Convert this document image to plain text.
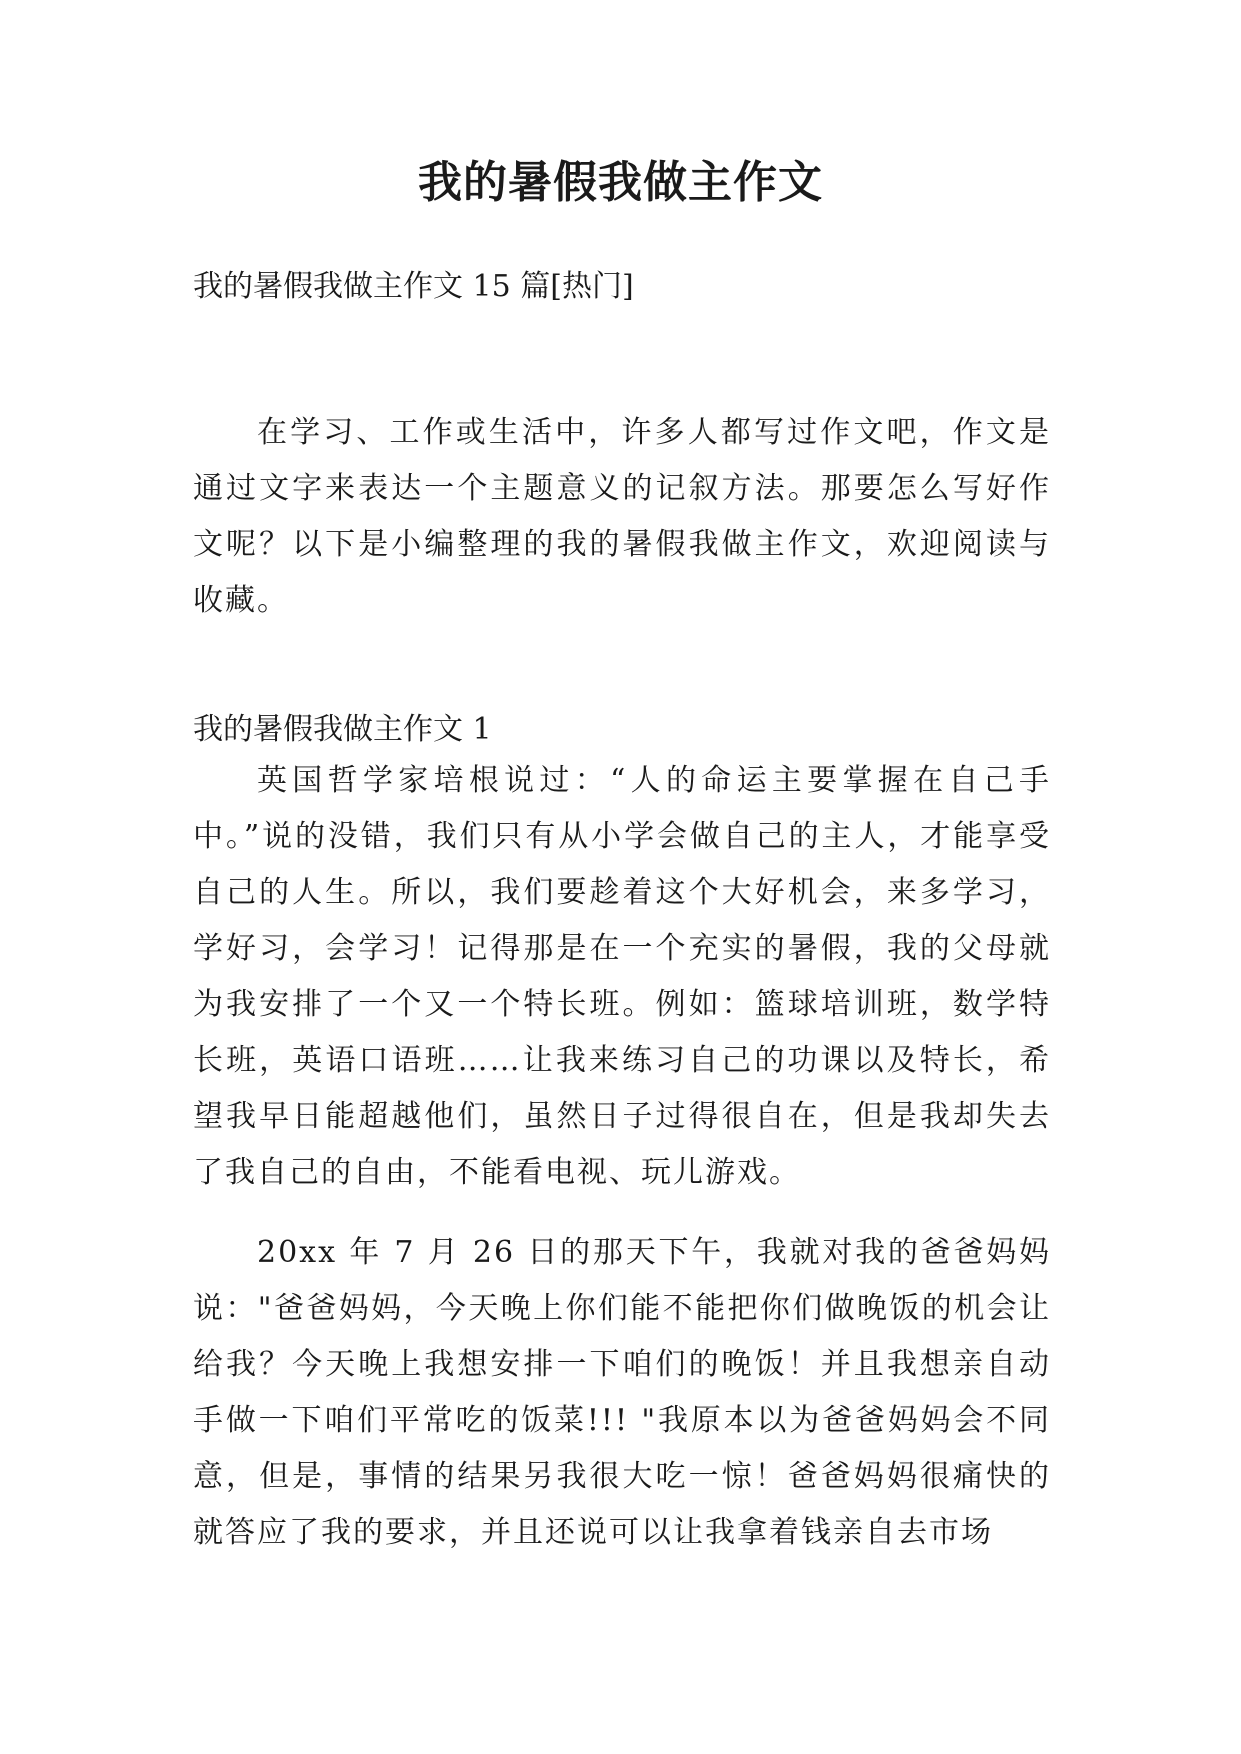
我的暑假我做主作文

我的暑假我做主作文 15 篇[热门]

在学习、工作或生活中，许多人都写过作文吧，作文是通过文字来表达一个主题意义的记叙方法。那要怎么写好作文呢？以下是小编整理的我的暑假我做主作文，欢迎阅读与收藏。

我的暑假我做主作文 1

英国哲学家培根说过：“人的命运主要掌握在自己手中。”说的没错，我们只有从小学会做自己的主人，才能享受自己的人生。所以，我们要趁着这个大好机会，来多学习，学好习，会学习！记得那是在一个充实的暑假，我的父母就为我安排了一个又一个特长班。例如：篮球培训班，数学特长班，英语口语班……让我来练习自己的功课以及特长，希望我早日能超越他们，虽然日子过得很自在，但是我却失去了我自己的自由，不能看电视、玩儿游戏。

20xx 年 7 月 26 日的那天下午，我就对我的爸爸妈妈说："爸爸妈妈，今天晚上你们能不能把你们做晚饭的机会让给我？今天晚上我想安排一下咱们的晚饭！并且我想亲自动手做一下咱们平常吃的饭菜!!! "我原本以为爸爸妈妈会不同意，但是，事情的结果另我很大吃一惊！爸爸妈妈很痛快的就答应了我的要求，并且还说可以让我拿着钱亲自去市场
